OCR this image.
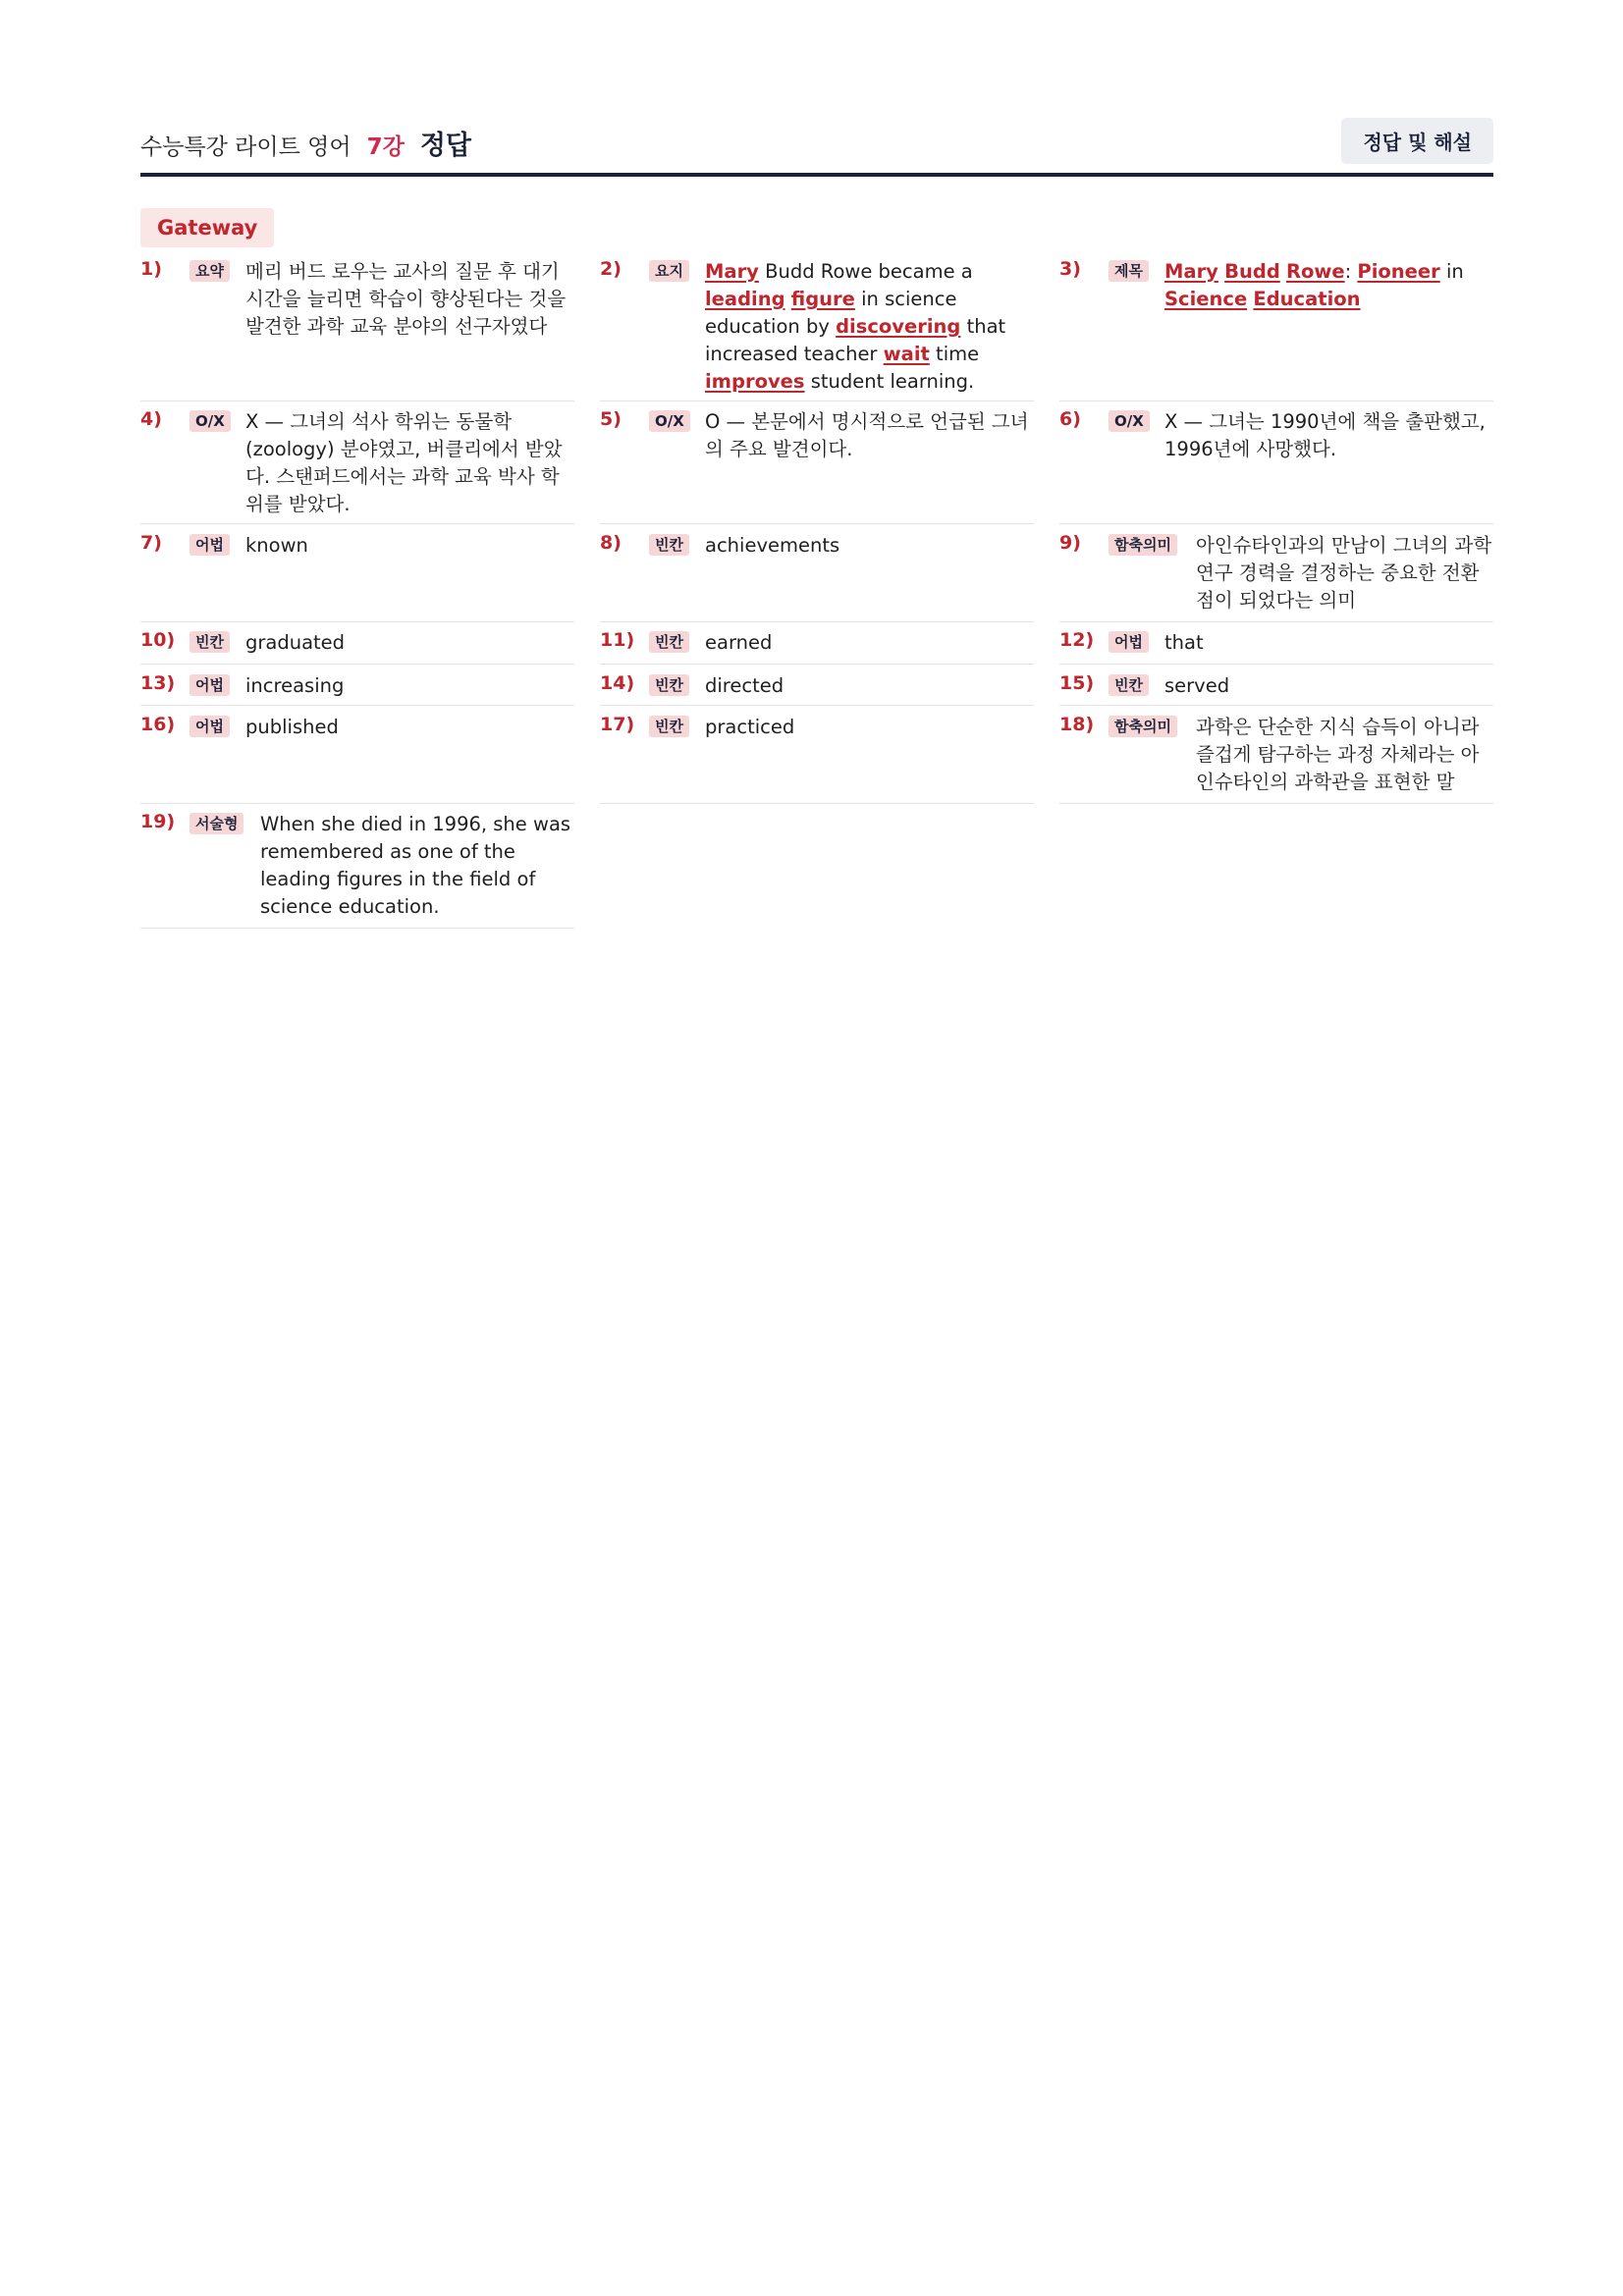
수능특강 라이트 영어 7강 정답	정답 및 해설
Gateway
1)	요약	메리 버드 로우는 교사의 질문 후 대기 시간을 늘리면 학습이 향상된다는 것을 발견한 과학 교육 분야의 선구자였다
2)	요지	Mary Budd Rowe became a leading figure in science education by discovering that increased teacher wait time improves student learning.
3)	제목	Mary Budd Rowe: Pioneer in Science Education
4)	O/X	X — 그녀의 석사 학위는 동물학(zoology) 분야였고, 버클리에서 받았다. 스탠퍼드에서는 과학 교육 박사 학위를 받았다.
5)	O/X	O — 본문에서 명시적으로 언급된 그녀의 주요 발견이다.
6)	O/X	X — 그녀는 1990년에 책을 출판했고, 1996년에 사망했다.
7)	어법	known	8)	빈칸	achievements	9)	함축의미	아인슈타인과의 만남이 그녀의 과학 연구 경력을 결정하는 중요한 전환점이 되었다는 의미
10)	빈칸	graduated	11)	빈칸	earned	12)	어법	that
13)	어법	increasing	14)	빈칸	directed	15)	빈칸	served
16)	어법	published	17)	빈칸	practiced	18)	함축의미	과학은 단순한 지식 습득이 아니라 즐겁게 탐구하는 과정 자체라는 아인슈타인의 과학관을 표현한 말
19)	서술형	When she died in 1996, she was remembered as one of the leading figures in the field of science education.
